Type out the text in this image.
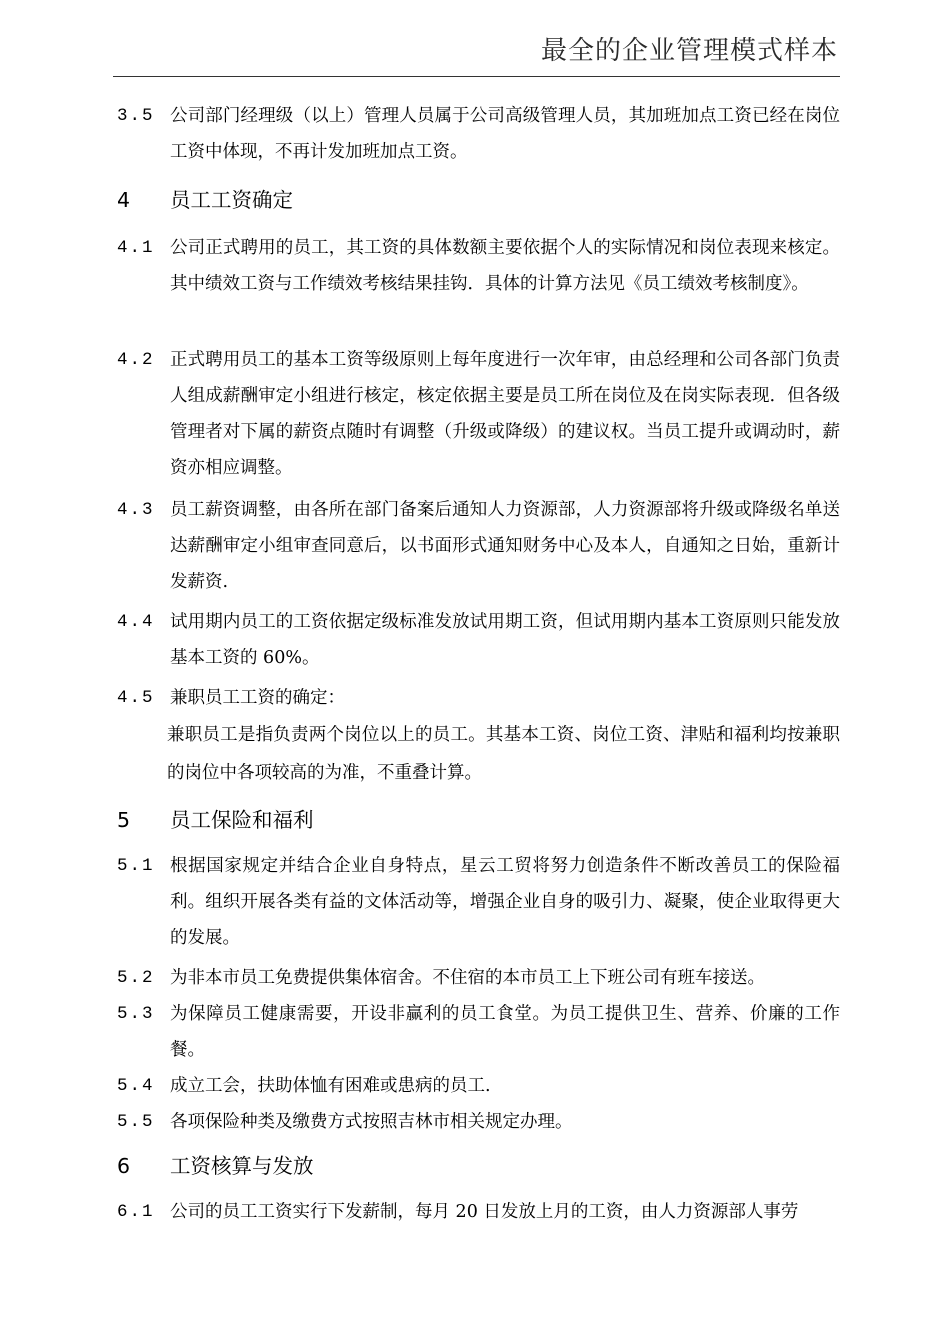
最全的企业管理模式样本
3.5 公司部门经理级（以上）管理人员属于公司高级管理人员，其加班加点工资已经在岗位工资中体现，不再计发加班加点工资。
4 员工工资确定
4.1 公司正式聘用的员工，其工资的具体数额主要依据个人的实际情况和岗位表现来核定。其中绩效工资与工作绩效考核结果挂钩．具体的计算方法见《员工绩效考核制度》。
4.2 正式聘用员工的基本工资等级原则上每年度进行一次年审，由总经理和公司各部门负责人组成薪酬审定小组进行核定，核定依据主要是员工所在岗位及在岗实际表现．但各级管理者对下属的薪资点随时有调整（升级或降级）的建议权。当员工提升或调动时，薪资亦相应调整。
4.3 员工薪资调整，由各所在部门备案后通知人力资源部，人力资源部将升级或降级名单送达薪酬审定小组审查同意后，以书面形式通知财务中心及本人，自通知之日始，重新计发薪资.
4.4 试用期内员工的工资依据定级标准发放试用期工资，但试用期内基本工资原则只能发放基本工资的 60%。
4.5 兼职员工工资的确定：
兼职员工是指负责两个岗位以上的员工。其基本工资、岗位工资、津贴和福利均按兼职的岗位中各项较高的为准，不重叠计算。
5 员工保险和福利
5.1 根据国家规定并结合企业自身特点，星云工贸将努力创造条件不断改善员工的保险福利。组织开展各类有益的文体活动等，增强企业自身的吸引力、凝聚，使企业取得更大的发展。
5.2 为非本市员工免费提供集体宿舍。不住宿的本市员工上下班公司有班车接送。
5.3 为保障员工健康需要，开设非赢利的员工食堂。为员工提供卫生、营养、价廉的工作餐。
5.4 成立工会，扶助体恤有困难或患病的员工.
5.5 各项保险种类及缴费方式按照吉林市相关规定办理。
6 工资核算与发放
6.1 公司的员工工资实行下发薪制，每月 20 日发放上月的工资，由人力资源部人事劳
